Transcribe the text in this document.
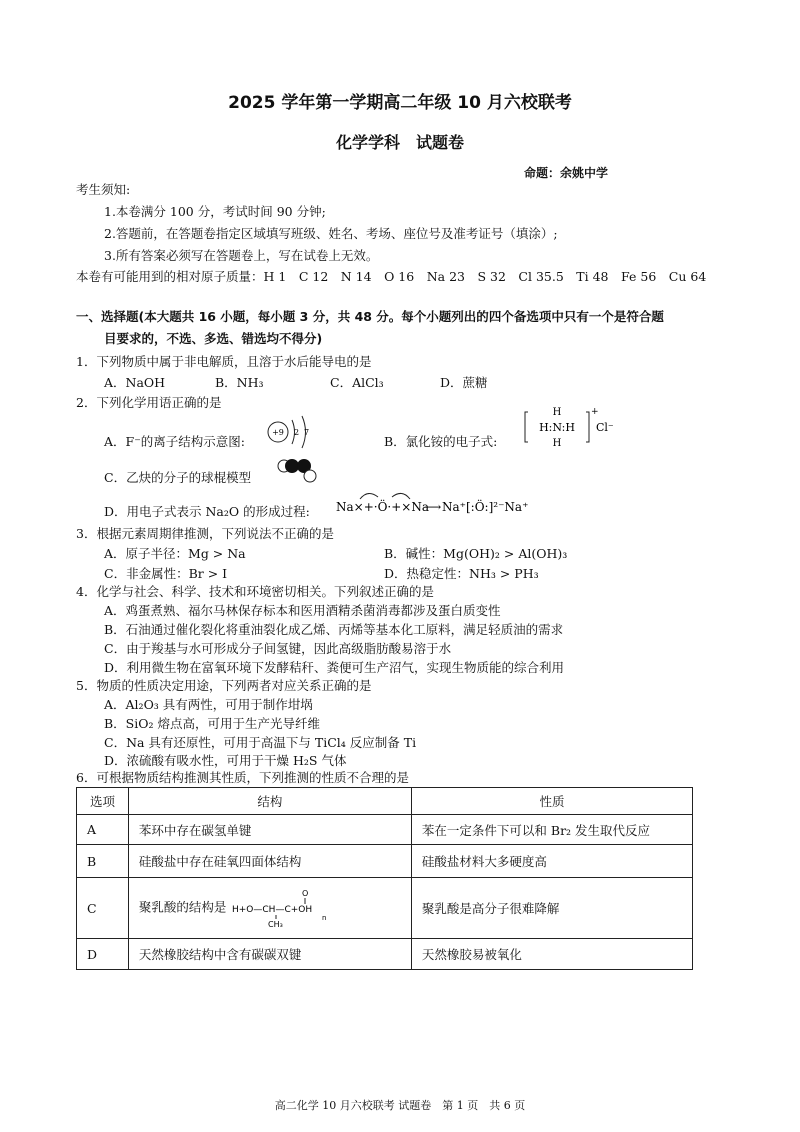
2025 学年第一学期高二年级 10 月六校联考
化学学科　试题卷
命题：余姚中学
考生须知:
1.本卷满分 100 分，考试时间 90 分钟;
2.答题前，在答题卷指定区域填写班级、姓名、考场、座位号及准考证号（填涂）;
3.所有答案必须写在答题卷上，写在试卷上无效。
本卷有可能用到的相对原子质量：H 1　C 12　N 14　O 16　Na 23　S 32　Cl 35.5　Ti 48　Fe 56　Cu 64
一、选择题(本大题共 16 小题，每小题 3 分，共 48 分。每个小题列出的四个备选项中只有一个是符合题
目要求的，不选、多选、错选均不得分)
1．下列物质中属于非电解质，且溶于水后能导电的是
A．NaOH	B．NH₃	C．AlCl₃	D．蔗糖
2．下列化学用语正确的是
A．F⁻的离子结构示意图:
+9 2 7
B．氯化铵的电子式:
H
H:N:H
H
+
Cl⁻
C．乙炔的分子的球棍模型
D．用电子式表示 Na₂O 的形成过程: Na×+·Ö·+×Na
⟶ Na⁺[:Ö:]²⁻Na⁺
3．根据元素周期律推测，下列说法不正确的是
A．原子半径：Mg > Na	B．碱性：Mg(OH)₂ > Al(OH)₃
C．非金属性：Br > I	D．热稳定性：NH₃ > PH₃
4．化学与社会、科学、技术和环境密切相关。下列叙述正确的是
A．鸡蛋煮熟、福尔马林保存标本和医用酒精杀菌消毒都涉及蛋白质变性
B．石油通过催化裂化将重油裂化成乙烯、丙烯等基本化工原料，满足轻质油的需求
C．由于羧基与水可形成分子间氢键，因此高级脂肪酸易溶于水
D．利用微生物在富氧环境下发酵秸秆、粪便可生产沼气，实现生物质能的综合利用
5．物质的性质决定用途，下列两者对应关系正确的是
A．Al₂O₃ 具有两性，可用于制作坩埚
B．SiO₂ 熔点高，可用于生产光导纤维
C．Na 具有还原性，可用于高温下与 TiCl₄ 反应制备 Ti
D．浓硫酸有吸水性，可用于干燥 H₂S 气体
6．可根据物质结构推测其性质，下列推测的性质不合理的是
选项	结构	性质
A	苯环中存在碳氢单键	苯在一定条件下可以和 Br₂ 发生取代反应
B	硅酸盐中存在硅氧四面体结构	硅酸盐材料大多硬度高
C	聚乳酸的结构是 H+O—CH—C+OH
O
CH₃
n	聚乳酸是高分子很难降解
D	天然橡胶结构中含有碳碳双键	天然橡胶易被氧化
高二化学 10 月六校联考 试题卷　第 1 页　共 6 页
